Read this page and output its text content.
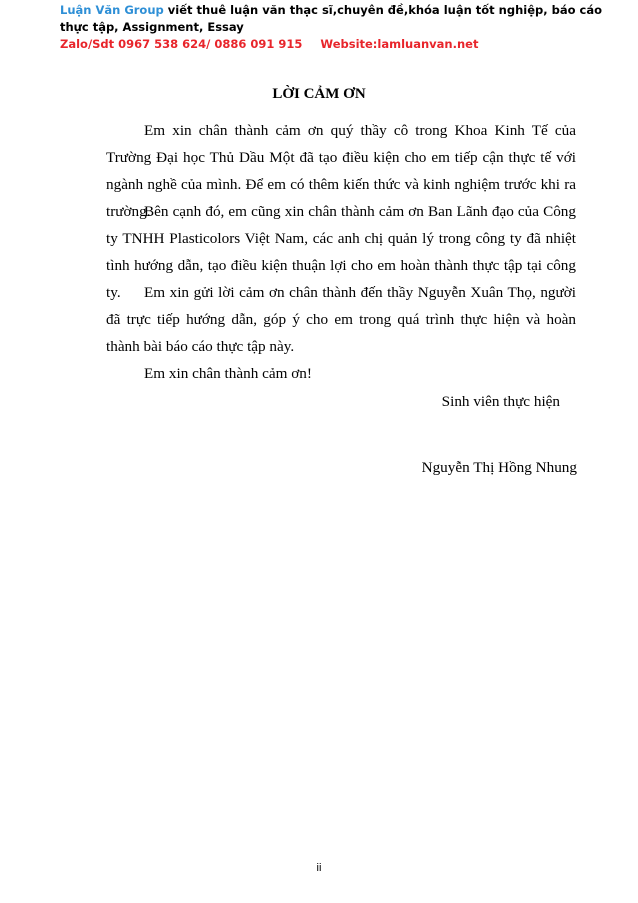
Luận Văn Group viết thuê luận văn thạc sĩ,chuyên đề,khóa luận tốt nghiệp, báo cáo thực tập, Assignment, Essay
Zalo/Sdt 0967 538 624/ 0886 091 915 Website:lamluanvan.net
LỜI CẢM ƠN

Em xin chân thành cảm ơn quý thầy cô trong Khoa Kinh Tế của Trường Đại học Thủ Dầu Một đã tạo điều kiện cho em tiếp cận thực tế với ngành nghề của mình. Để em có thêm kiến thức và kinh nghiệm trước khi ra trường.

Bên cạnh đó, em cũng xin chân thành cảm ơn Ban Lãnh đạo của Công ty TNHH Plasticolors Việt Nam, các anh chị quản lý trong công ty đã nhiệt tình hướng dẫn, tạo điều kiện thuận lợi cho em hoàn thành thực tập tại công ty.	Em xin gửi lời cảm ơn chân thành đến thầy Nguyễn Xuân Thọ, người đã trực tiếp hướng dẫn, góp ý cho em trong quá trình thực hiện và hoàn thành bài báo cáo thực tập này.

Em xin chân thành cảm ơn!

Sinh viên thực hiện
Nguyễn Thị Hồng Nhung
ii
